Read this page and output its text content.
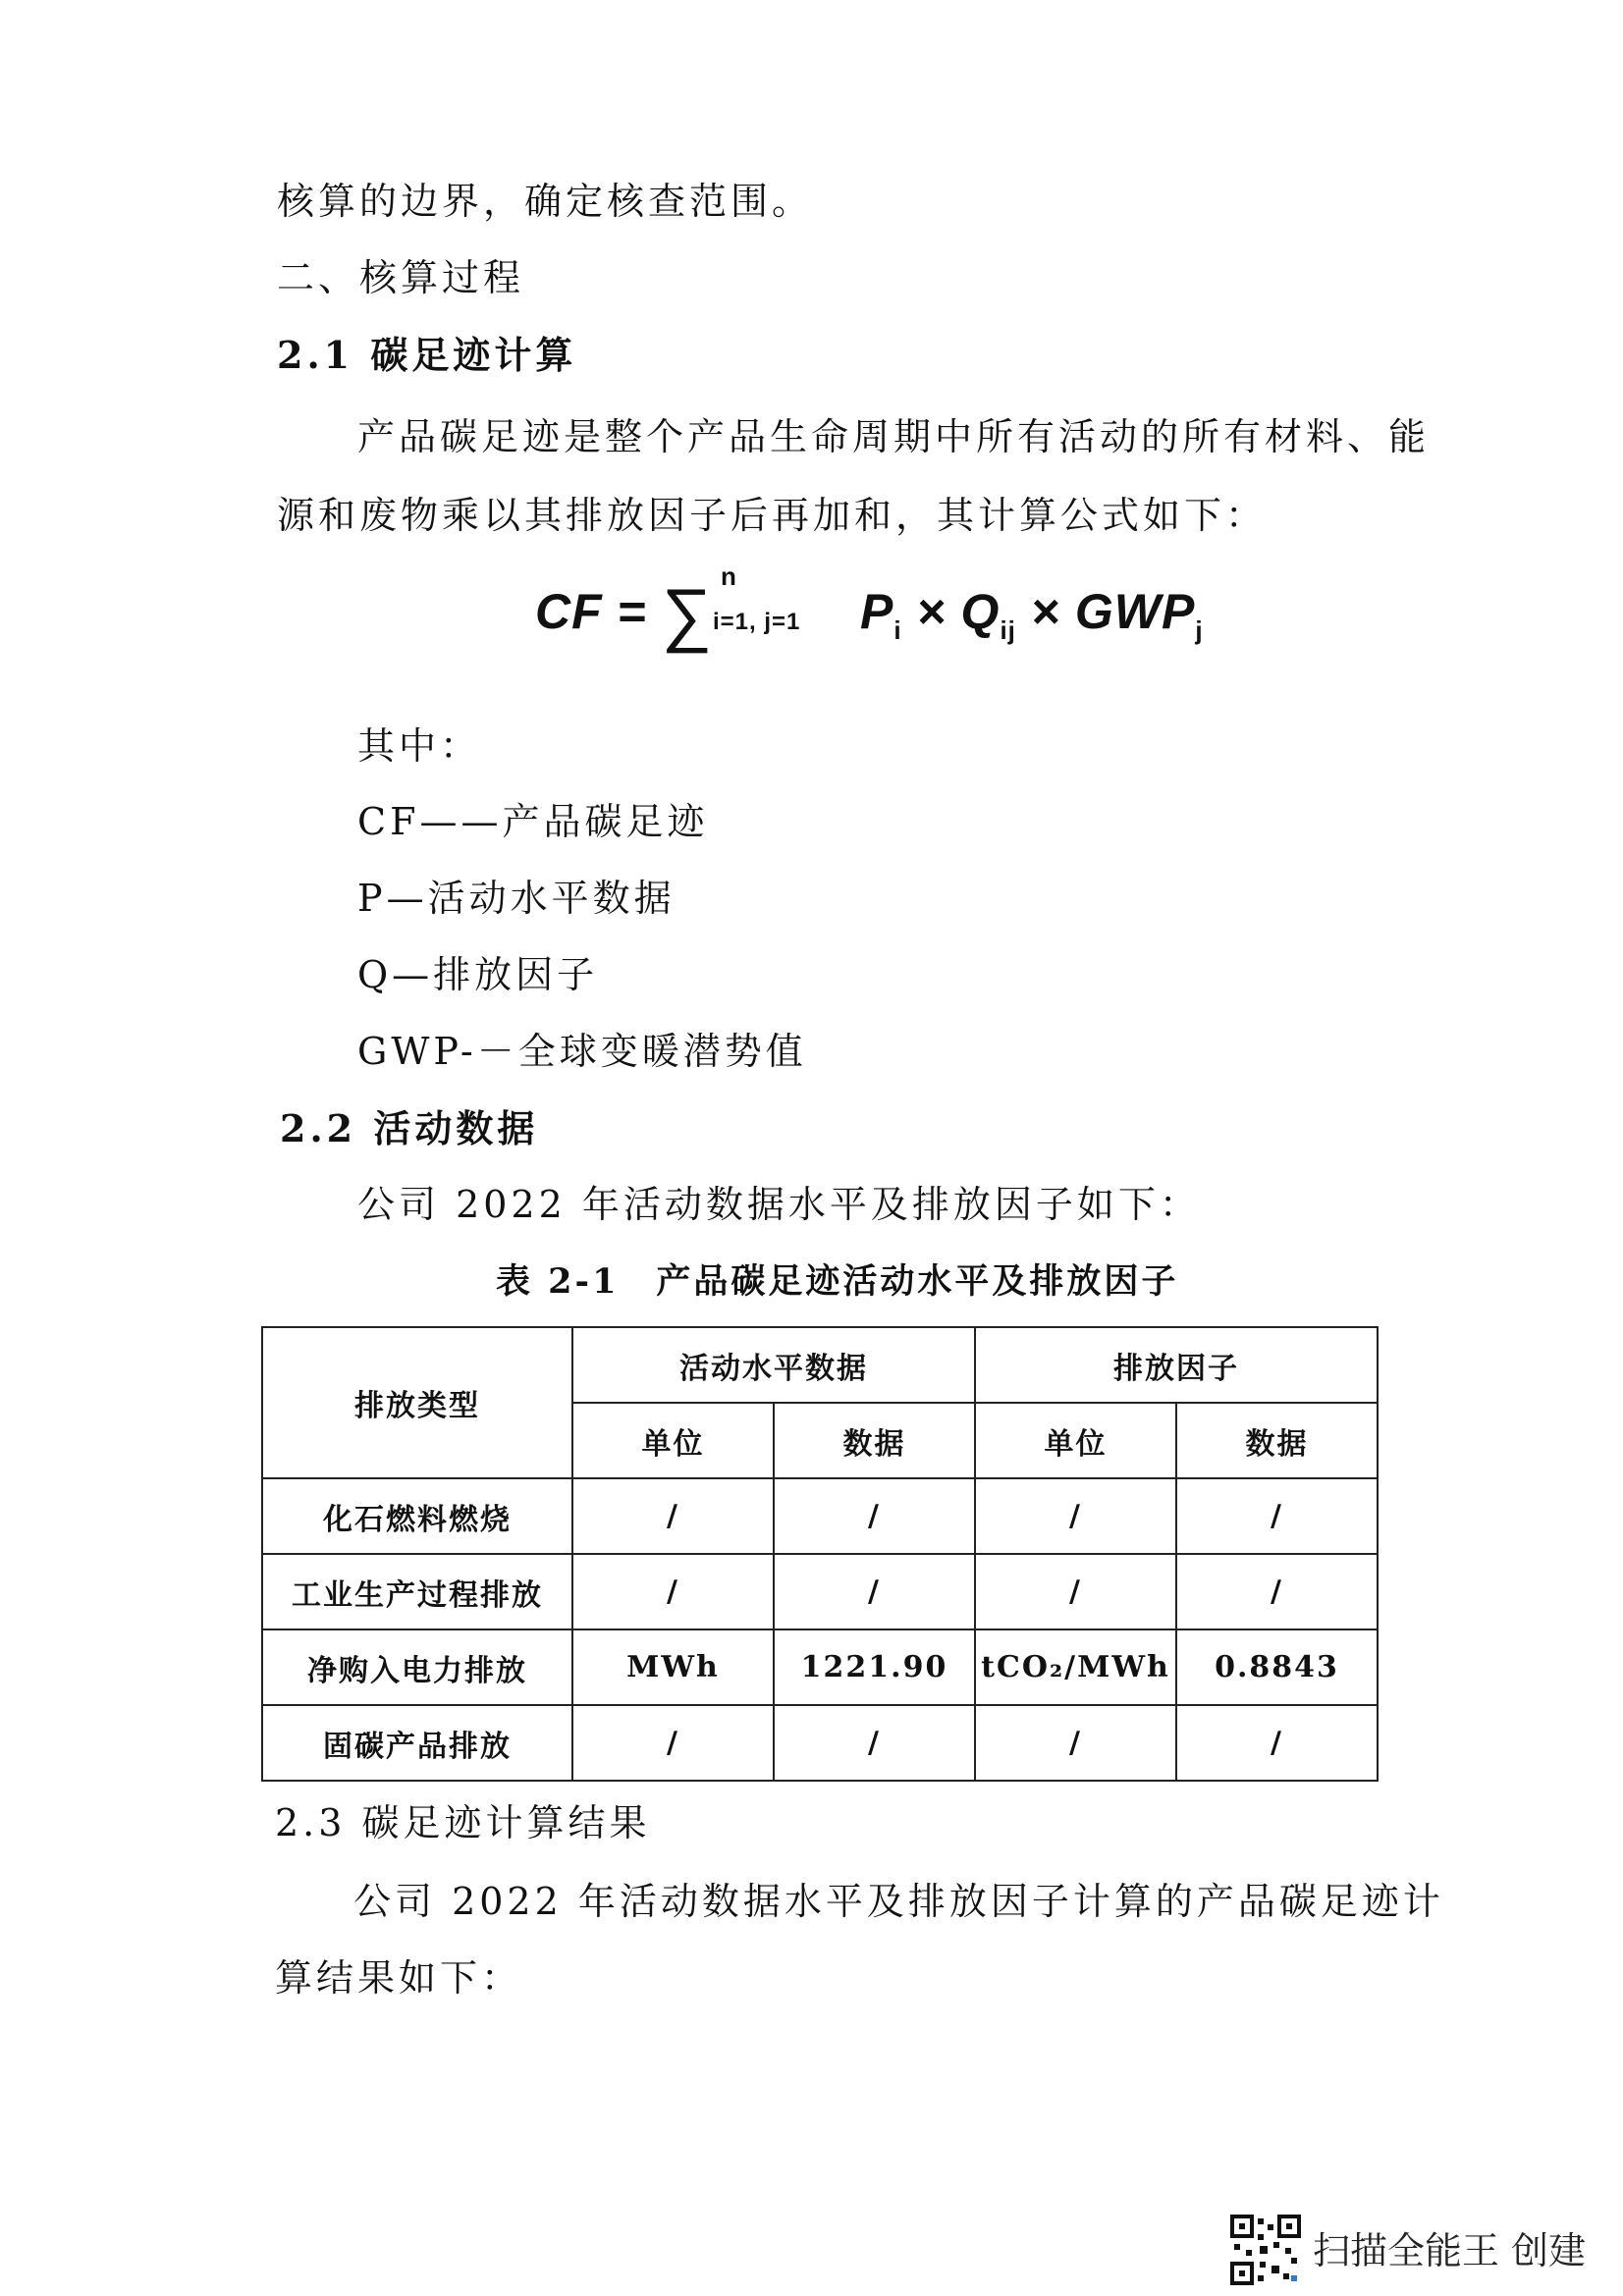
核算的边界，确定核查范围。
二、核算过程
2.1 碳足迹计算
产品碳足迹是整个产品生命周期中所有活动的所有材料、能
源和废物乘以其排放因子后再加和，其计算公式如下：
CF = ∑ n
i=1, j=1 $P_i \times Q_{ij} \times GWP_j$
其中：
CF——产品碳足迹
P—活动水平数据
Q—排放因子
GWP-－全球变暖潜势值
2.2 活动数据
公司 2022 年活动数据水平及排放因子如下：
表 2-1　产品碳足迹活动水平及排放因子
排放类型	活动水平数据		排放因子	
	单位	数据	单位	数据
化石燃料燃烧	/	/	/	/
工业生产过程排放	/	/	/	/
净购入电力排放	MWh	1221.90	tCO₂/MWh	0.8843
固碳产品排放	/	/	/	/
2.3 碳足迹计算结果
公司 2022 年活动数据水平及排放因子计算的产品碳足迹计
算结果如下：
扫描全能王 创建
